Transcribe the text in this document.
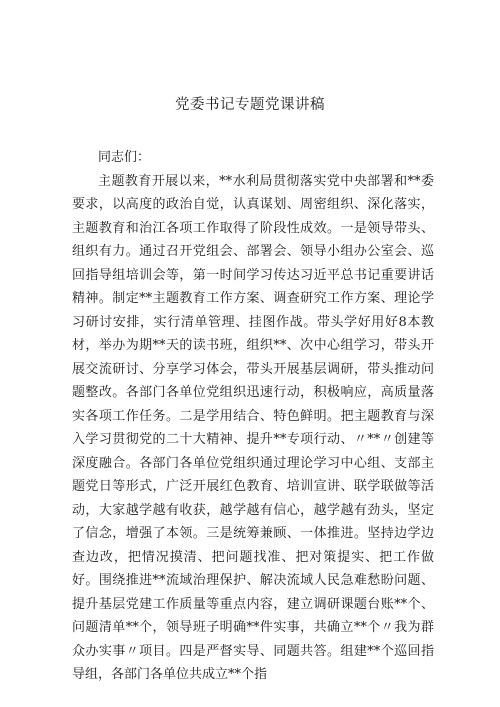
党委书记专题党课讲稿

同志们：

主题教育开展以来，**水利局贯彻落实党中央部署和**委要求，以高度的政治自觉，认真谋划、周密组织、深化落实，主题教育和治江各项工作取得了阶段性成效。一是领导带头、组织有力。通过召开党组会、部署会、领导小组办公室会、巡回指导组培训会等，第一时间学习传达习近平总书记重要讲话精神。制定**主题教育工作方案、调查研究工作方案、理论学习研讨安排，实行清单管理、挂图作战。带头学好用好8本教材，举办为期**天的读书班，组织**、次中心组学习，带头开展交流研讨、分享学习体会，带头开展基层调研，带头推动问题整改。各部门各单位党组织迅速行动，积极响应，高质量落实各项工作任务。二是学用结合、特色鲜明。把主题教育与深入学习贯彻党的二十大精神、提升**专项行动、〃**〃创建等深度融合。各部门各单位党组织通过理论学习中心组、支部主题党日等形式，广泛开展红色教育、培训宣讲、联学联做等活动，大家越学越有收获，越学越有信心，越学越有劲头，坚定了信念，增强了本领。三是统筹兼顾、一体推进。坚持边学边查边改，把情况摸清、把问题找准、把对策提实、把工作做好。围绕推进**流域治理保护、解决流域人民急难愁盼问题、提升基层党建工作质量等重点内容，建立调研课题台账**个、问题清单**个，领导班子明确**件实事，共确立**个〃我为群众办实事〃项目。四是严督实导、同题共答。组建**个巡回指导组，各部门各单位共成立**个指
